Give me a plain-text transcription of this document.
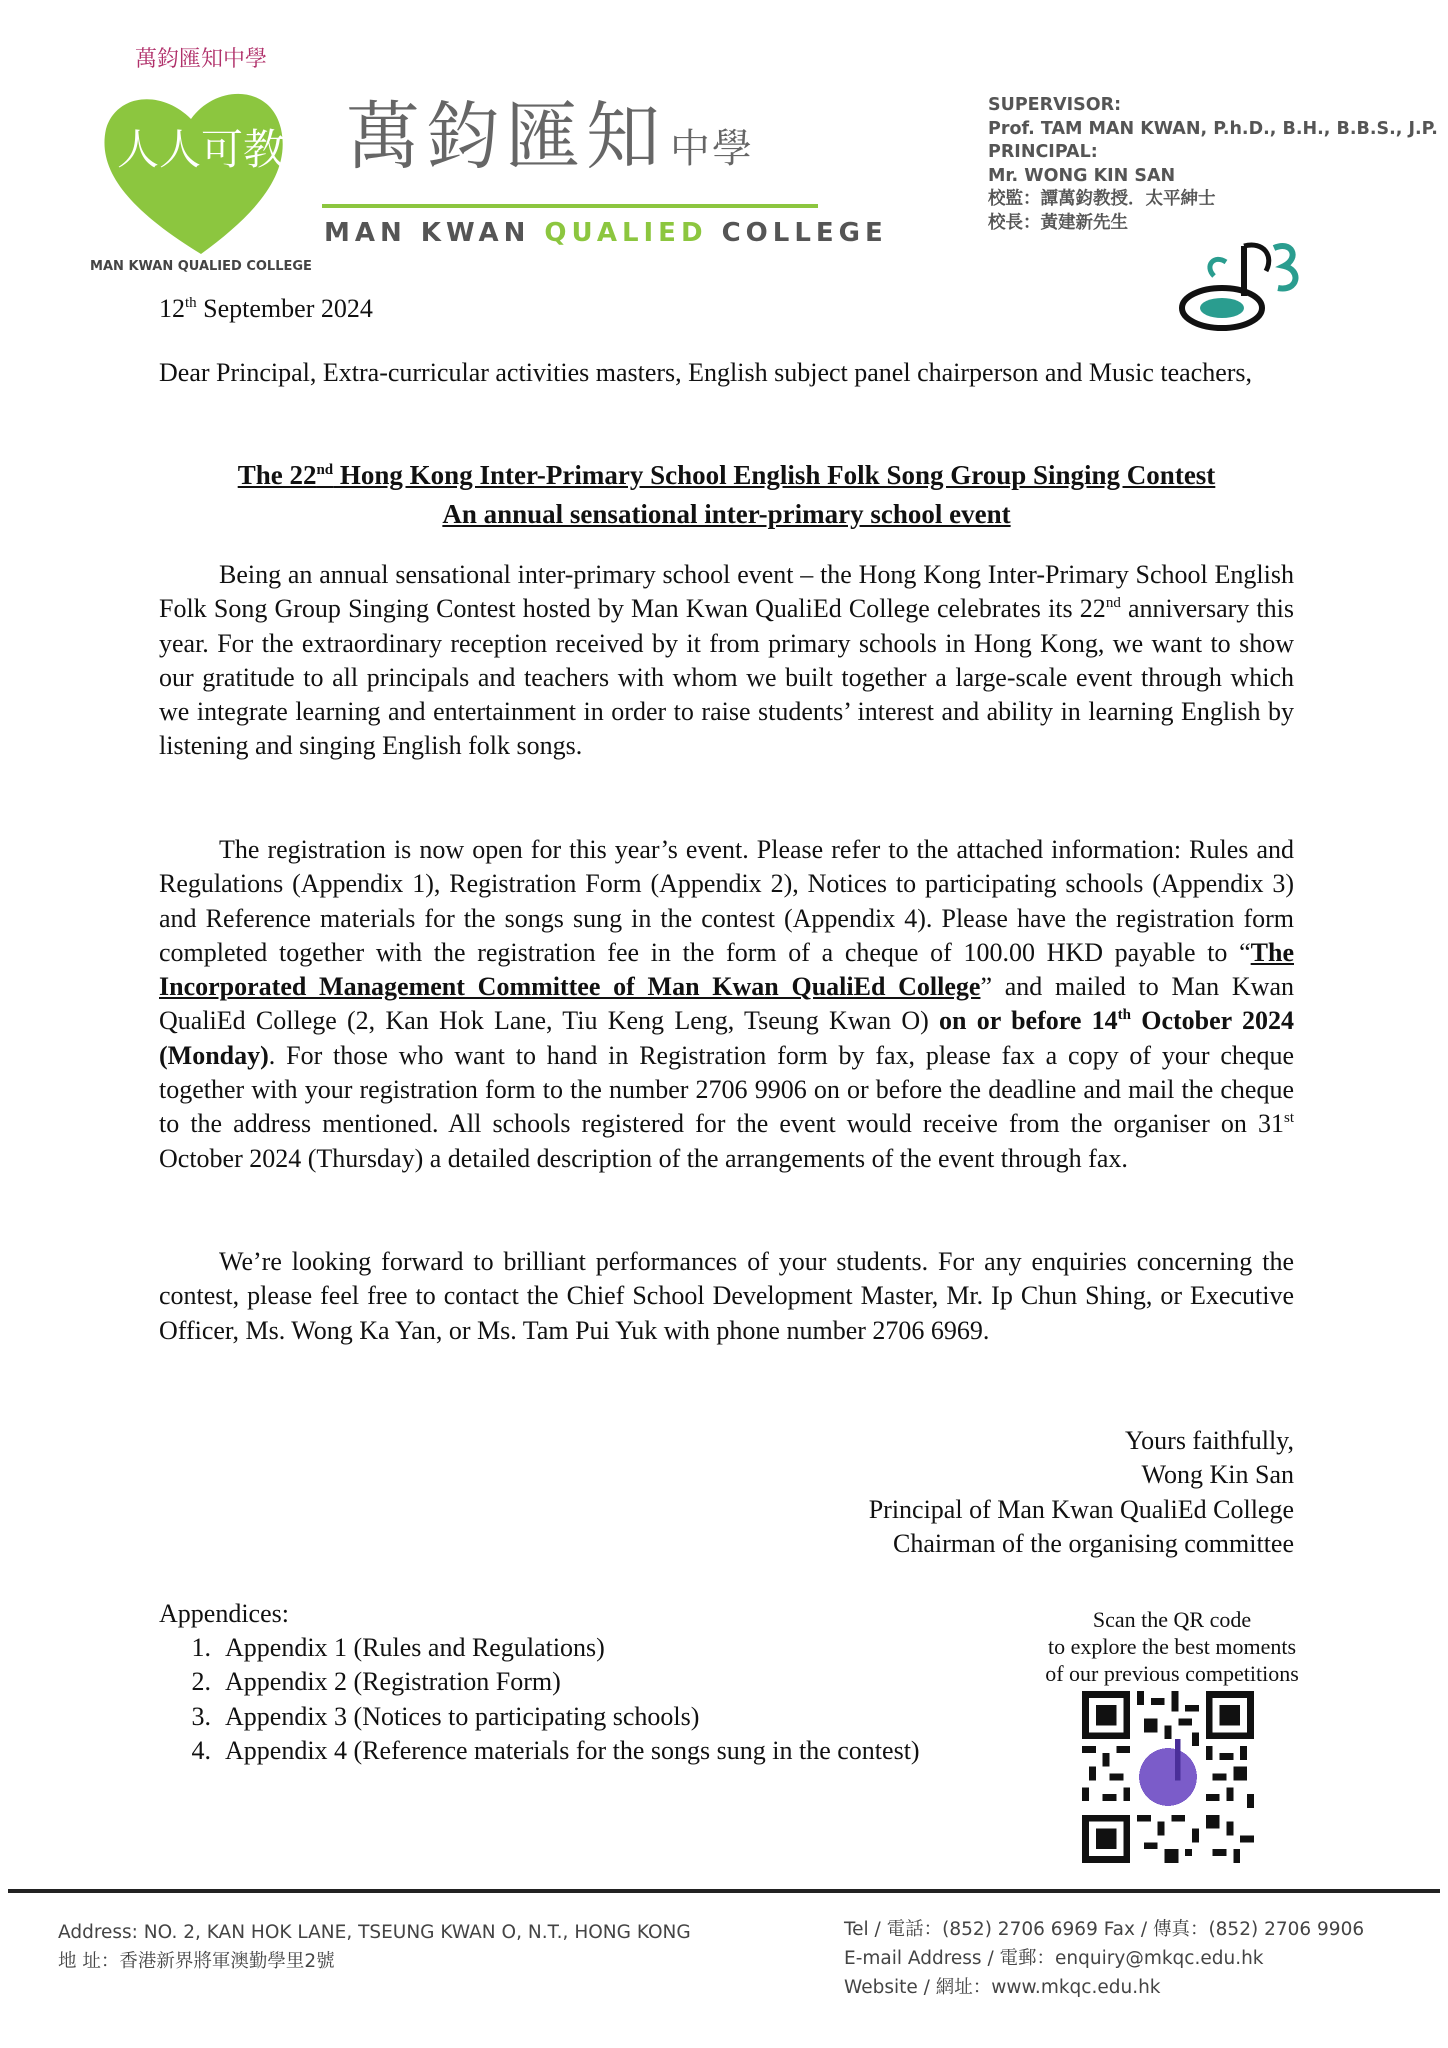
人人可教
萬鈞匯知中學
MAN KWAN QUALIED COLLEGE
萬鈞匯知 中學
MAN KWAN QUALIED COLLEGE
SUPERVISOR:
Prof. TAM MAN KWAN, P.h.D., B.H., B.B.S., J.P.
PRINCIPAL:
Mr. WONG KIN SAN
校監：譚萬鈞教授．太平紳士
校長：黃建新先生
12th September 2024
Dear Principal, Extra-curricular activities masters, English subject panel chairperson and Music teachers,
The 22nd Hong Kong Inter-Primary School English Folk Song Group Singing Contest
An annual sensational inter-primary school event
Being an annual sensational inter-primary school event – the Hong Kong Inter-Primary School English Folk Song Group Singing Contest hosted by Man Kwan QualiEd College celebrates its 22nd anniversary this year. For the extraordinary reception received by it from primary schools in Hong Kong, we want to show our gratitude to all principals and teachers with whom we built together a large-scale event through which we integrate learning and entertainment in order to raise students’ interest and ability in learning English by listening and singing English folk songs.
The registration is now open for this year’s event. Please refer to the attached information: Rules and Regulations (Appendix 1), Registration Form (Appendix 2), Notices to participating schools (Appendix 3) and Reference materials for the songs sung in the contest (Appendix 4). Please have the registration form completed together with the registration fee in the form of a cheque of 100.00 HKD payable to “The Incorporated Management Committee of Man Kwan QualiEd College” and mailed to Man Kwan QualiEd College (2, Kan Hok Lane, Tiu Keng Leng, Tseung Kwan O) on or before 14th October 2024 (Monday). For those who want to hand in Registration form by fax, please fax a copy of your cheque together with your registration form to the number 2706 9906 on or before the deadline and mail the cheque to the address mentioned. All schools registered for the event would receive from the organiser on 31st October 2024 (Thursday) a detailed description of the arrangements of the event through fax.
We’re looking forward to brilliant performances of your students. For any enquiries concerning the contest, please feel free to contact the Chief School Development Master, Mr. Ip Chun Shing, or Executive Officer, Ms. Wong Ka Yan, or Ms. Tam Pui Yuk with phone number 2706 6969.
Yours faithfully,
Wong Kin San
Principal of Man Kwan QualiEd College
Chairman of the organising committee
Appendices:
1. Appendix 1 (Rules and Regulations)
2. Appendix 2 (Registration Form)
3. Appendix 3 (Notices to participating schools)
4. Appendix 4 (Reference materials for the songs sung in the contest)
Scan the QR code
to explore the best moments
of our previous competitions
Address: NO. 2, KAN HOK LANE, TSEUNG KWAN O, N.T., HONG KONG
地 址：香港新界將軍澳勤學里2號
Tel / 電話：(852) 2706 6969 Fax / 傳真：(852) 2706 9906
E-mail Address / 電郵：enquiry@mkqc.edu.hk
Website / 網址：www.mkqc.edu.hk
